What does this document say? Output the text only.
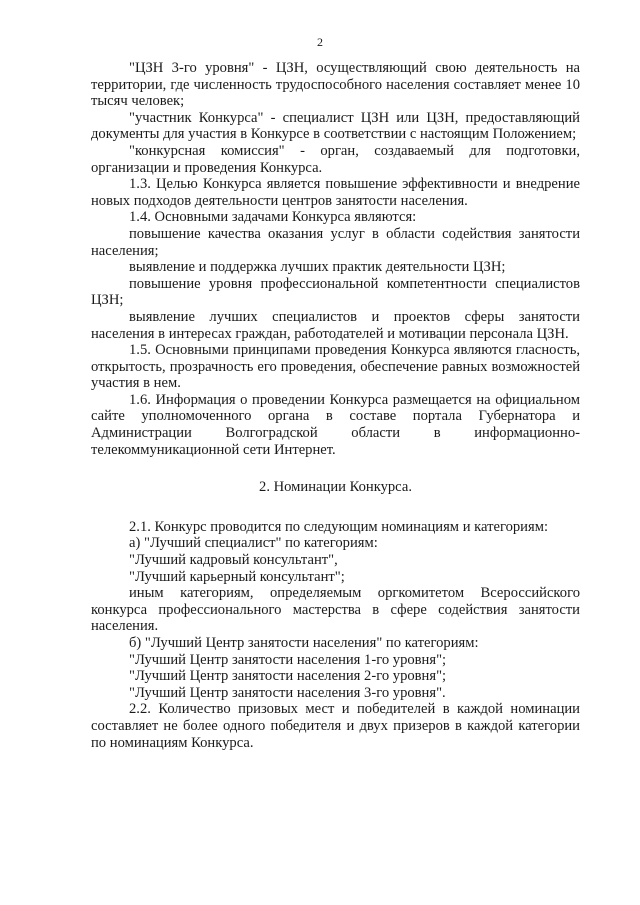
2

"ЦЗН 3-го уровня" - ЦЗН, осуществляющий свою деятельность на территории, где численность трудоспособного населения составляет менее 10 тысяч человек;

"участник Конкурса" - специалист ЦЗН или ЦЗН, предоставляющий документы для участия в Конкурсе в соответствии с настоящим Положением;

"конкурсная комиссия" - орган, создаваемый для подготовки, организации и проведения Конкурса.

1.3. Целью Конкурса является повышение эффективности и внедрение новых подходов деятельности центров занятости населения.

1.4. Основными задачами Конкурса являются:

повышение качества оказания услуг в области содействия занятости населения;

выявление и поддержка лучших практик деятельности ЦЗН;

повышение уровня профессиональной компетентности специалистов ЦЗН;

выявление лучших специалистов и проектов сферы занятости населения в интересах граждан, работодателей и мотивации персонала ЦЗН.

1.5. Основными принципами проведения Конкурса являются гласность, открытость, прозрачность его проведения, обеспечение равных возможностей участия в нем.

1.6. Информация о проведении Конкурса размещается на официальном сайте уполномоченного органа в составе портала Губернатора и Администрации Волгоградской области в информационно-телекоммуникационной сети Интернет.

2. Номинации Конкурса.

2.1. Конкурс проводится по следующим номинациям и категориям:

а) "Лучший специалист" по категориям:

"Лучший кадровый консультант",

"Лучший карьерный консультант";

иным категориям, определяемым оргкомитетом Всероссийского конкурса профессионального мастерства в сфере содействия занятости населения.

б) "Лучший Центр занятости населения" по категориям:

"Лучший Центр занятости населения 1-го уровня";

"Лучший Центр занятости населения 2-го уровня";

"Лучший Центр занятости населения 3-го уровня".

2.2. Количество призовых мест и победителей в каждой номинации составляет не более одного победителя и двух призеров в каждой категории по номинациям Конкурса.
